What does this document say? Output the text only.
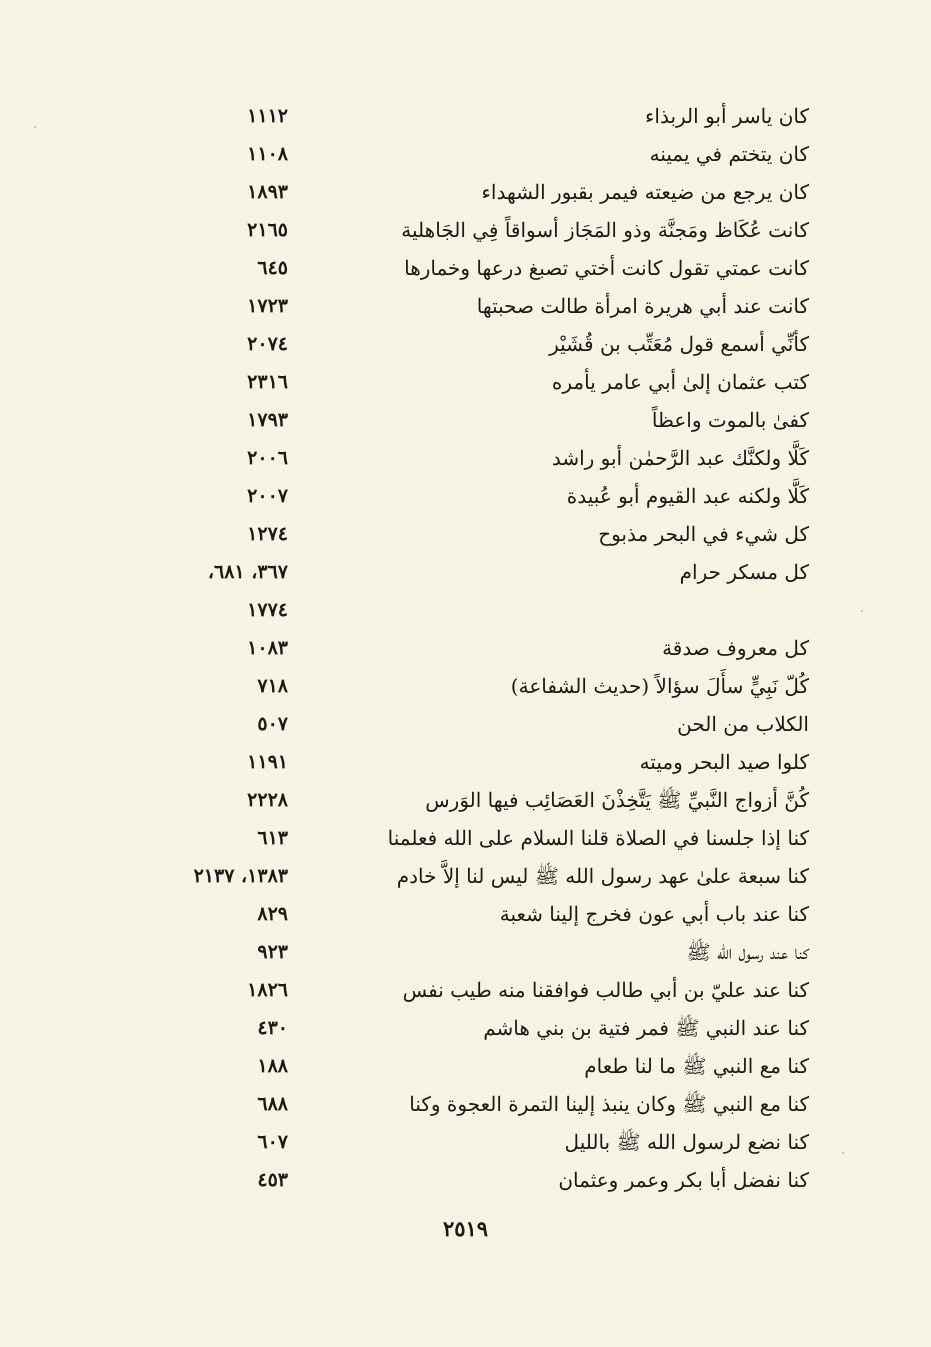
كان ياسر أبو الربذاء
١١١٢
كان يتختم في يمينه
١١٠٨
كان يرجع من ضيعته فيمر بقبور الشهداء
١٨٩٣
كانت عُكَاظ ومَجنَّة وذو المَجَاز أسواقاً فِي الجَاهلية
٢١٦٥
كانت عمتي تقول كانت أختي تصبغ درعها وخمارها
٦٤٥
كانت عند أبي هريرة امرأة طالت صحبتها
١٧٢٣
كأنِّي أسمع قول مُعَتِّب بن قُشَيْر
٢٠٧٤
كتب عثمان إلىٰ أبي عامر يأمره
٢٣١٦
كفىٰ بالموت واعظاً
١٧٩٣
كَلَّا ولكنَّك عبد الرَّحمٰن أبو راشد
٢٠٠٦
كَلَّا ولكنه عبد القيوم أبو عُبيدة
٢٠٠٧
كل شيء في البحر مذبوح
١٢٧٤
كل مسكر حرام
٣٦٧، ٦٨١،
١٧٧٤
كل معروف صدقة
١٠٨٣
كُلّ نَبِيٍّ سأَلَ سؤالاً (حديث الشفاعة)
٧١٨
الكلاب من الحن
٥٠٧
كلوا صيد البحر وميته
١١٩١
كُنَّ أزواج النَّبيِّ ﷺ يَتَّخِذْنَ العَصَائِب فيها الوَرس
٢٢٢٨
كنا إذا جلسنا في الصلاة قلنا السلام على الله فعلمنا
٦١٣
كنا سبعة علىٰ عهد رسول الله ﷺ ليس لنا إلاَّ خادم
١٣٨٣، ٢١٣٧
كنا عند باب أبي عون فخرج إلينا شعبة
٨٢٩
كنا عند رسول الله ﷺ
٩٢٣
كنا عند عليّ بن أبي طالب فوافقنا منه طيب نفس
١٨٢٦
كنا عند النبي ﷺ فمر فتية بن بني هاشم
٤٣٠
كنا مع النبي ﷺ ما لنا طعام
١٨٨
كنا مع النبي ﷺ وكان ينبذ إلينا التمرة العجوة وكنا
٦٨٨
كنا نضع لرسول الله ﷺ بالليل
٦٠٧
كنا نفضل أبا بكر وعمر وعثمان
٤٥٣
٢٥١٩
